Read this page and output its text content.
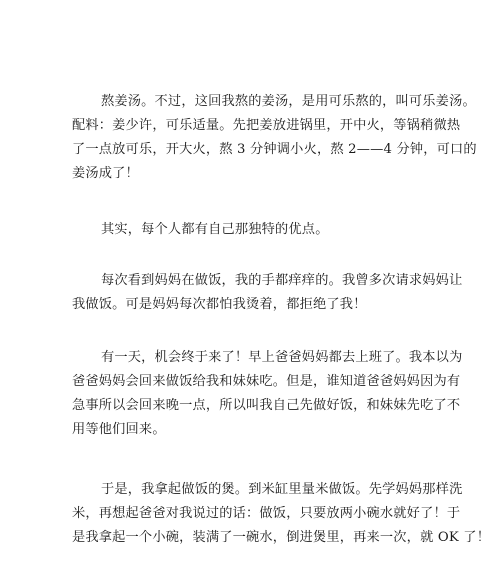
熬姜汤。不过，这回我熬的姜汤，是用可乐熬的，叫可乐姜汤。
配料：姜少许，可乐适量。先把姜放进锅里，开中火，等锅稍微热
了一点放可乐，开大火，熬 3 分钟调小火，熬 2——4 分钟，可口的
姜汤成了！
其实，每个人都有自己那独特的优点。
每次看到妈妈在做饭，我的手都痒痒的。我曾多次请求妈妈让
我做饭。可是妈妈每次都怕我烫着，都拒绝了我！
有一天，机会终于来了！早上爸爸妈妈都去上班了。我本以为
爸爸妈妈会回来做饭给我和妹妹吃。但是，谁知道爸爸妈妈因为有
急事所以会回来晚一点，所以叫我自己先做好饭，和妹妹先吃了不
用等他们回来。
于是，我拿起做饭的煲。到米缸里量米做饭。先学妈妈那样洗
米，再想起爸爸对我说过的话：做饭，只要放两小碗水就好了！于
是我拿起一个小碗，装满了一碗水，倒进煲里，再来一次，就 OK 了！
